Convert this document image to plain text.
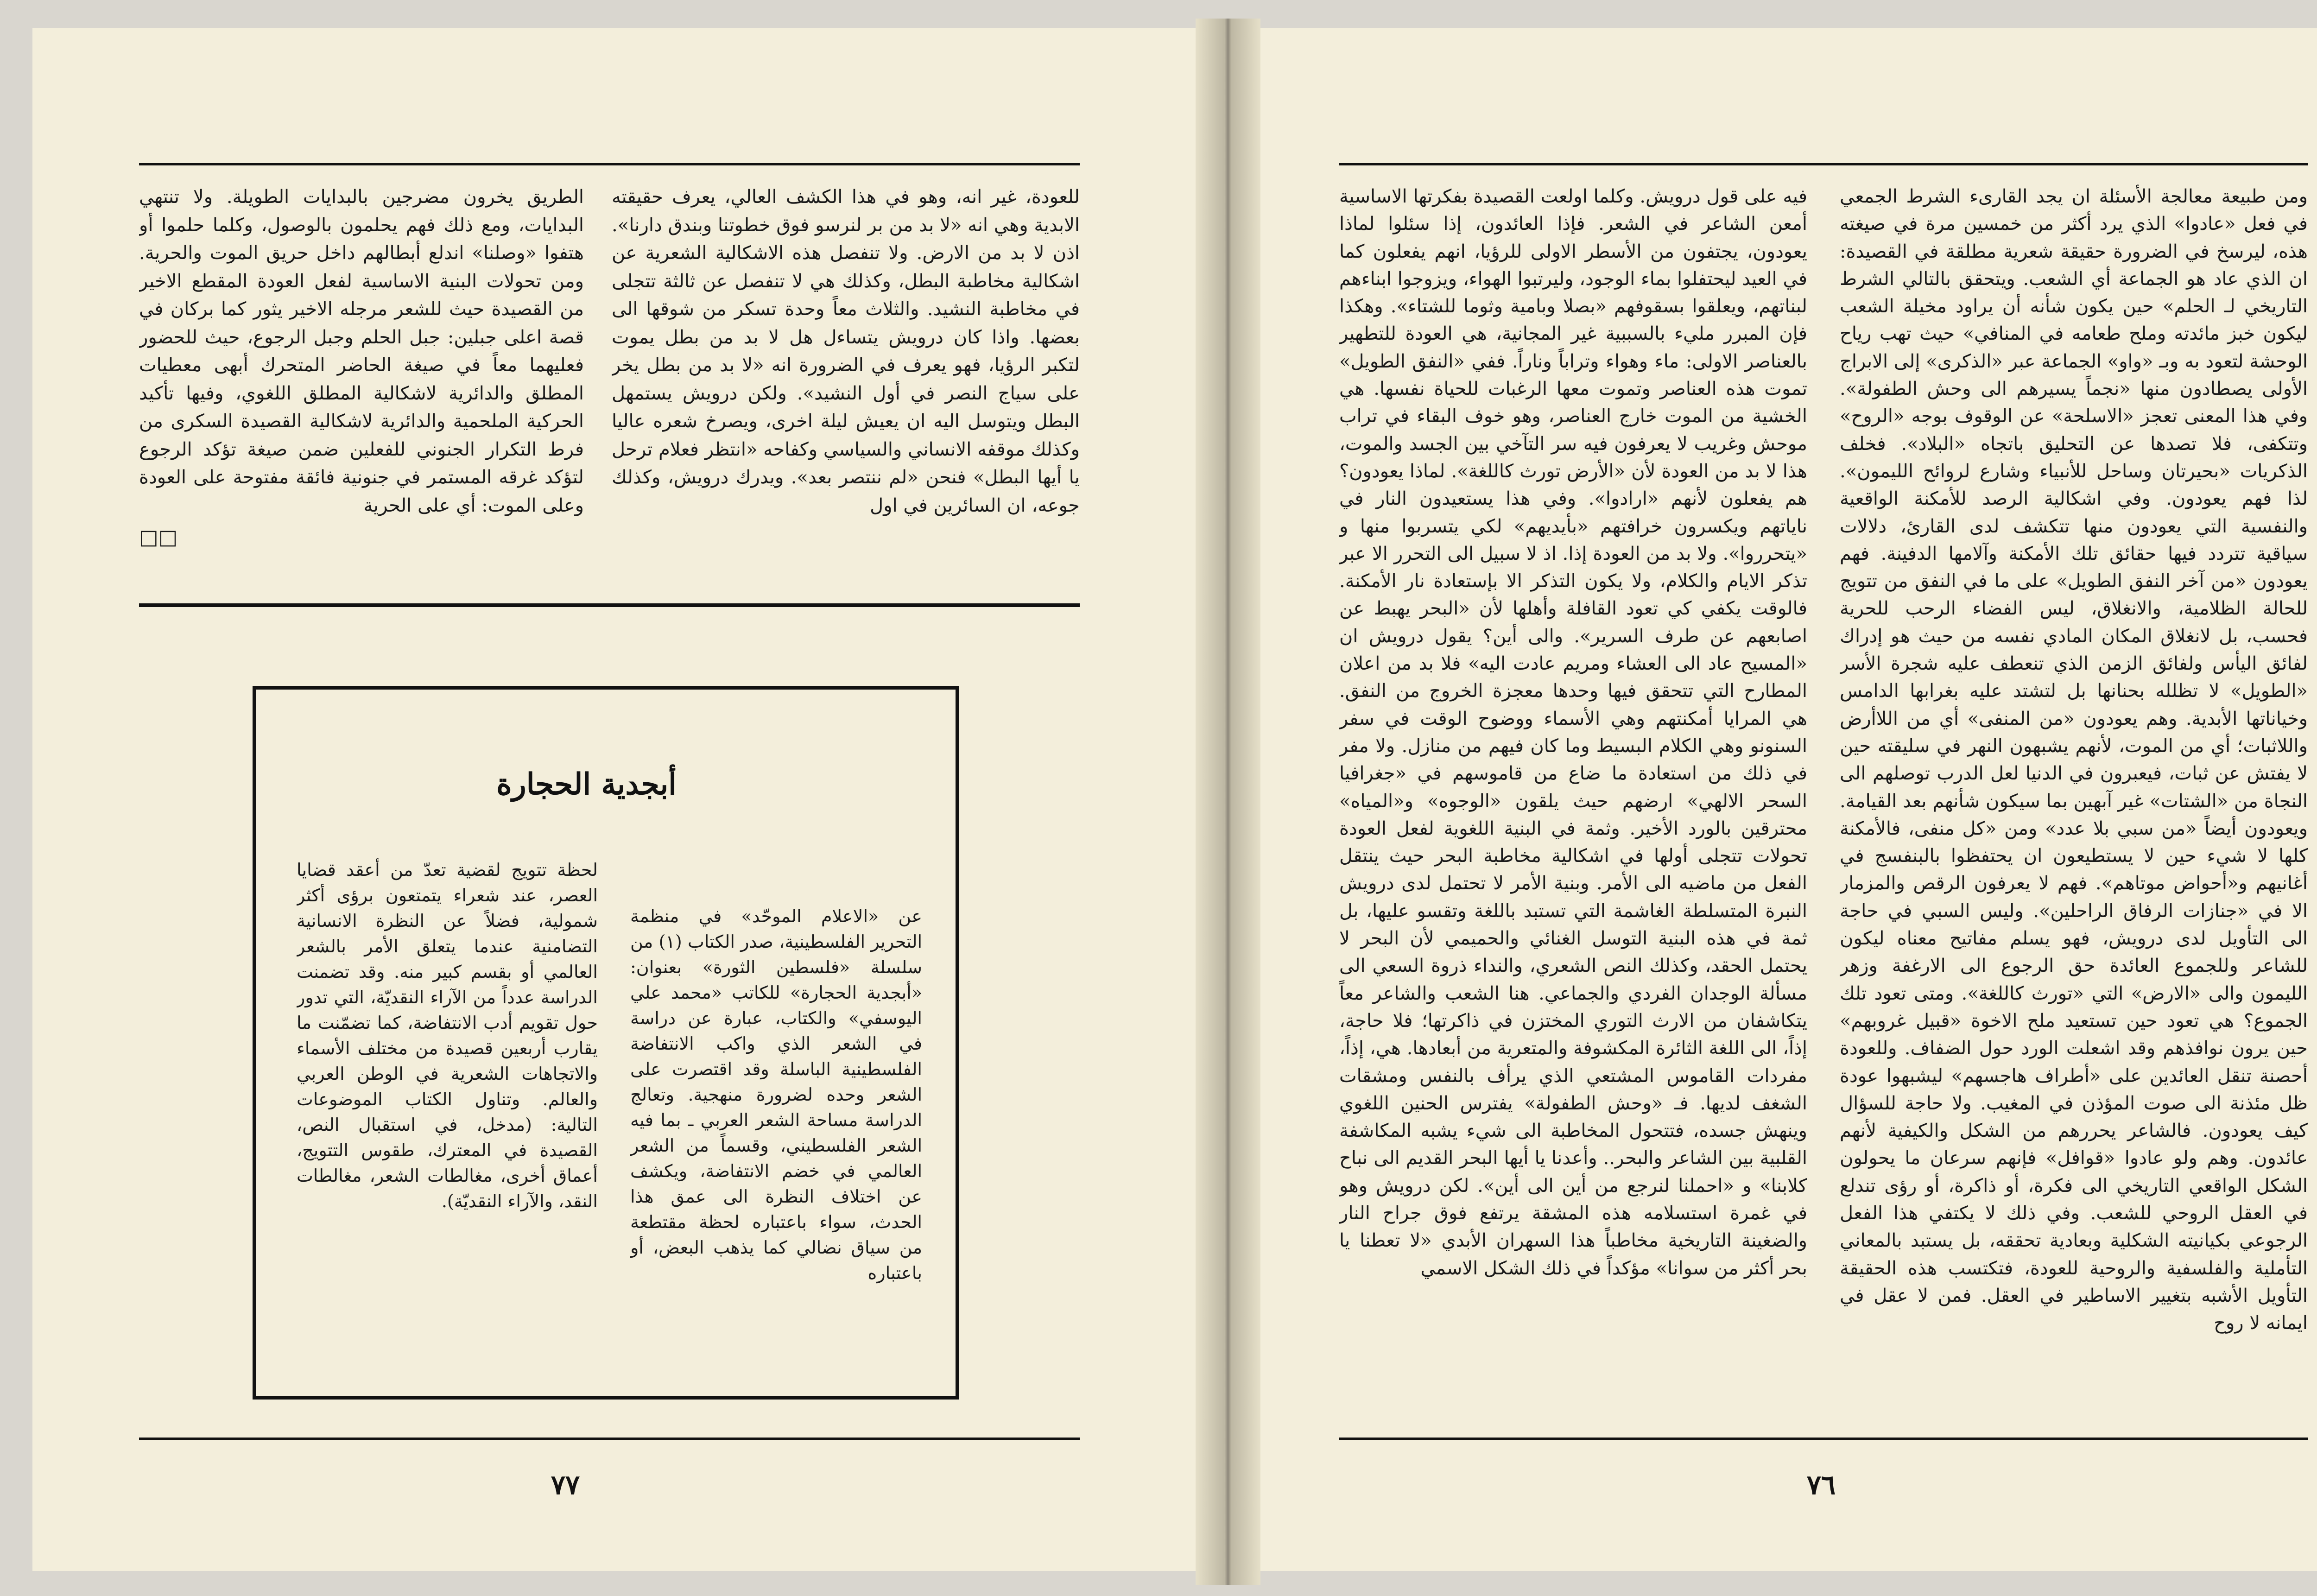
للعودة، غير انه، وهو في هذا الكشف العالي، يعرف حقيقته الابدية وهي انه «لا بد من بر لنرسو فوق خطوتنا وبندق دارنا». اذن لا بد من الارض. ولا تنفصل هذه الاشكالية الشعرية عن اشكالية مخاطبة البطل، وكذلك هي لا تنفصل عن ثالثة تتجلى في مخاطبة النشيد. والثلاث معاً وحدة تسكر من شوقها الى بعضها. واذا كان درويش يتساءل هل لا بد من بطل يموت لتكبر الرؤيا، فهو يعرف في الضرورة انه «لا بد من بطل يخر على سياج النصر في أول النشيد». ولكن درويش يستمهل البطل ويتوسل اليه ان يعيش ليلة اخرى، ويصرخ شعره عاليا وكذلك موقفه الانساني والسياسي وكفاحه «انتظر فعلام ترحل يا أيها البطل» فنحن «لم ننتصر بعد». ويدرك درويش، وكذلك جوعه، ان السائرين في اول

الطريق يخرون مضرجين بالبدايات الطويلة. ولا تنتهي البدايات، ومع ذلك فهم يحلمون بالوصول، وكلما حلموا أو هتفوا «وصلنا» اندلع أبطالهم داخل حريق الموت والحرية. ومن تحولات البنية الاساسية لفعل العودة المقطع الاخير من القصيدة حيث للشعر مرجله الاخير يثور كما بركان في قصة اعلى جبلين: جبل الحلم وجبل الرجوع، حيث للحضور فعليهما معاً في صيغة الحاضر المتحرك أبهى معطيات المطلق والدائرية لاشكالية المطلق اللغوي، وفيها تأكيد الحركية الملحمية والدائرية لاشكالية القصيدة السكرى من فرط التكرار الجنوني للفعلين ضمن صيغة تؤكد الرجوع لتؤكد غرقه المستمر في جنونية فائقة مفتوحة على العودة وعلى الموت: أي على الحرية

□□
أبجدية الحجارة

عن «الاعلام الموحّد» في منظمة التحرير الفلسطينية، صدر الكتاب (١) من سلسلة «فلسطين الثورة» بعنوان: «أبجدية الحجارة» للكاتب «محمد علي اليوسفي» والكتاب، عبارة عن دراسة في الشعر الذي واكب الانتفاضة الفلسطينية الباسلة وقد اقتصرت على الشعر وحده لضرورة منهجية. وتعالج الدراسة مساحة الشعر العربي ـ بما فيه الشعر الفلسطيني، وقسماً من الشعر العالمي في خضم الانتفاضة، ويكشف عن اختلاف النظرة الى عمق هذا الحدث، سواء باعتباره لحظة مقتطعة من سياق نضالي كما يذهب البعض، أو باعتباره

لحظة تتويج لقضية تعدّ من أعقد قضايا العصر، عند شعراء يتمتعون برؤى أكثر شمولية، فضلاً عن النظرة الانسانية التضامنية عندما يتعلق الأمر بالشعر العالمي أو بقسم كبير منه. وقد تضمنت الدراسة عدداً من الآراء النقديّة، التي تدور حول تقويم أدب الانتفاضة، كما تضمّنت ما يقارب أربعين قصيدة من مختلف الأسماء والاتجاهات الشعرية في الوطن العربي والعالم. وتناول الكتاب الموضوعات التالية: (مدخل، في استقبال النص، القصيدة في المعترك، طقوس التتويج، أعماق أخرى، مغالطات الشعر، مغالطات النقد، والآراء النقديّة).

٧٧

ومن طبيعة معالجة الأسئلة ان يجد القارىء الشرط الجمعي في فعل «عادوا» الذي يرد أكثر من خمسين مرة في صيغته هذه، ليرسخ في الضرورة حقيقة شعرية مطلقة في القصيدة: ان الذي عاد هو الجماعة أي الشعب. ويتحقق بالتالي الشرط التاريخي لـ الحلم» حين يكون شأنه أن يراود مخيلة الشعب ليكون خبز مائدته وملح طعامه في المنافي» حيث تهب رياح الوحشة لتعود به وبـ «واو» الجماعة عبر «الذكرى» إلى الابراج الأولى يصطادون منها «نجماً يسيرهم الى وحش الطفولة». وفي هذا المعنى تعجز «الاسلحة» عن الوقوف بوجه «الروح» وتتكفى، فلا تصدها عن التحليق باتجاه «البلاد». فخلف الذكريات «بحيرتان وساحل للأنبياء وشارع لروائح الليمون». لذا فهم يعودون. وفي اشكالية الرصد للأمكنة الواقعية والنفسية التي يعودون منها تتكشف لدى القارئ، دلالات سياقية تتردد فيها حقائق تلك الأمكنة وآلامها الدفينة. فهم يعودون «من آخر النفق الطويل» على ما في النفق من تتويج للحالة الظلامية، والانغلاق، ليس الفضاء الرحب للحرية فحسب، بل لانغلاق المكان المادي نفسه من حيث هو إدراك لفائق اليأس ولفائق الزمن الذي تنعطف عليه شجرة الأسر «الطويل» لا تظلله بحنانها بل لتشتد عليه بغرابها الدامس وخياناتها الأبدية. وهم يعودون «من المنفى» أي من اللاأرض واللاثبات؛ أي من الموت، لأنهم يشبهون النهر في سليقته حين لا يفتش عن ثبات، فيعبرون في الدنيا لعل الدرب توصلهم الى النجاة من «الشتات» غير آبهين بما سيكون شأنهم بعد القيامة. ويعودون أيضاً «من سبي بلا عدد» ومن «كل منفى، فالأمكنة كلها لا شيء حين لا يستطيعون ان يحتفظوا بالبنفسج في أغانيهم و«أحواض موتاهم». فهم لا يعرفون الرقص والمزمار الا في «جنازات الرفاق الراحلين». وليس السبي في حاجة الى التأويل لدى درويش، فهو يسلم مفاتيح معناه ليكون للشاعر وللجموع العائدة حق الرجوع الى الارغفة وزهر الليمون والى «الارض» التي «تورث كاللغة». ومتى تعود تلك الجموع؟ هي تعود حين تستعيد ملح الاخوة «قبيل غروبهم» حين يرون نوافذهم وقد اشعلت الورد حول الضفاف. وللعودة أحصنة تنقل العائدين على «أطراف هاجسهم» ليشبهوا عودة ظل مئذنة الى صوت المؤذن في المغيب. ولا حاجة للسؤال كيف يعودون. فالشاعر يحررهم من الشكل والكيفية لأنهم عائدون. وهم ولو عادوا «قوافل» فإنهم سرعان ما يحولون الشكل الواقعي التاريخي الى فكرة، أو ذاكرة، أو رؤى تندلع في العقل الروحي للشعب. وفي ذلك لا يكتفي هذا الفعل الرجوعي بكيانيته الشكلية وبعادية تحققه، بل يستبد بالمعاني التأملية والفلسفية والروحية للعودة، فتكتسب هذه الحقيقة التأويل الأشبه بتغيير الاساطير في العقل. فمن لا عقل في ايمانه لا روح

فيه على قول درويش. وكلما اولعت القصيدة بفكرتها الاساسية أمعن الشاعر في الشعر. فإذا العائدون، إذا سئلوا لماذا يعودون، يجتفون من الأسطر الاولى للرؤيا، انهم يفعلون كما في العيد ليحتفلوا بماء الوجود، وليرتبوا الهواء، ويزوجوا ابناءهم لبناتهم، ويعلقوا بسقوفهم «بصلا وبامية وثوما للشتاء». وهكذا فإن المبرر مليء بالسببية غير المجانية، هي العودة للتطهير بالعناصر الاولى: ماء وهواء وتراباً وناراً. ففي «النفق الطويل» تموت هذه العناصر وتموت معها الرغبات للحياة نفسها. هي الخشية من الموت خارج العناصر، وهو خوف البقاء في تراب موحش وغريب لا يعرفون فيه سر التآخي بين الجسد والموت، هذا لا بد من العودة لأن «الأرض تورث كاللغة». لماذا يعودون؟ هم يفعلون لأنهم «ارادوا». وفي هذا يستعيدون النار في ناياتهم ويكسرون خرافتهم «بأيديهم» لكي يتسربوا منها و «يتحرروا». ولا بد من العودة إذا. اذ لا سبيل الى التحرر الا عبر تذكر الايام والكلام، ولا يكون التذكر الا بإستعادة نار الأمكنة. فالوقت يكفي كي تعود القافلة وأهلها لأن «البحر يهبط عن اصابعهم عن طرف السرير». والى أين؟ يقول درويش ان «المسيح عاد الى العشاء ومريم عادت اليه» فلا بد من اعلان المطارح التي تتحقق فيها وحدها معجزة الخروج من النفق. هي المرايا أمكنتهم وهي الأسماء ووضوح الوقت في سفر السنونو وهي الكلام البسيط وما كان فيهم من منازل. ولا مفر في ذلك من استعادة ما ضاع من قاموسهم في «جغرافيا السحر الالهي» ارضهم حيث يلقون «الوجوه» و«المياه» محترقين بالورد الأخير. وثمة في البنية اللغوية لفعل العودة تحولات تتجلى أولها في اشكالية مخاطبة البحر حيث ينتقل الفعل من ماضيه الى الأمر. وبنية الأمر لا تحتمل لدى درويش النبرة المتسلطة الغاشمة التي تستبد باللغة وتقسو عليها، بل ثمة في هذه البنية التوسل الغنائي والحميمي لأن البحر لا يحتمل الحقد، وكذلك النص الشعري، والنداء ذروة السعي الى مسألة الوجدان الفردي والجماعي. هنا الشعب والشاعر معاً يتكاشفان من الارث التوري المختزن في ذاكرتها؛ فلا حاجة، إذاً، الى اللغة الثائرة المكشوفة والمتعرية من أبعادها. هي، إذاً، مفردات القاموس المشتعي الذي يرأف بالنفس ومشقات الشغف لديها. فـ «وحش الطفولة» يفترس الحنين اللغوي وينهش جسده، فتتحول المخاطبة الى شيء يشبه المكاشفة القلبية بين الشاعر والبحر.. وأعدنا يا أيها البحر القديم الى نباح كلابنا» و «احملنا لنرجع من أين الى أين». لكن درويش وهو في غمرة استسلامه هذه المشقة يرتفع فوق جراح النار والضغينة التاريخية مخاطباً هذا السهران الأبدي «لا تعطنا يا بحر أكثر من سوانا» مؤكداً في ذلك الشكل الاسمي

٧٦
